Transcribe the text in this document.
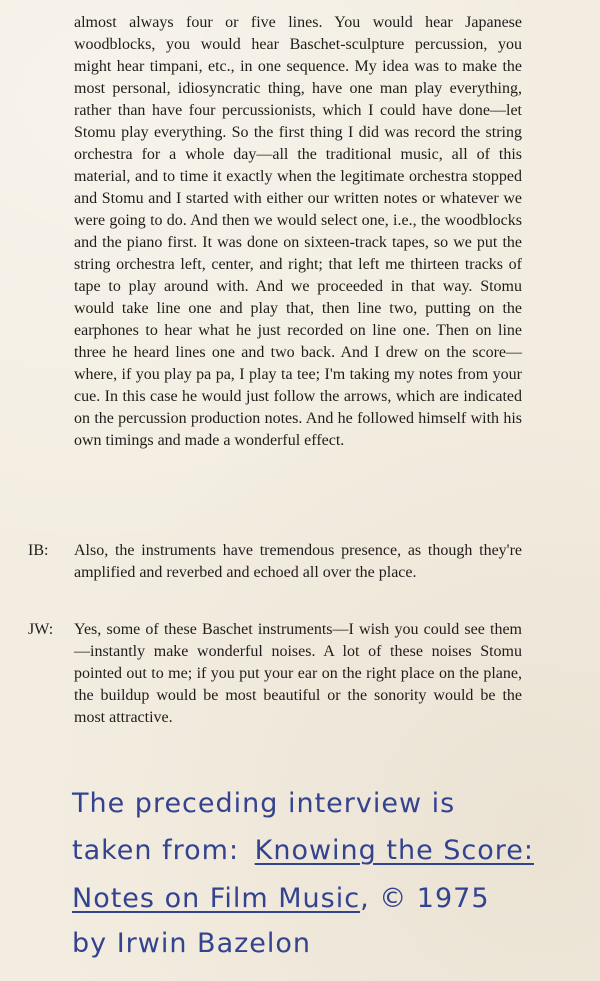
almost always four or five lines. You would hear Japanese woodblocks, you would hear Baschet-sculpture percussion, you might hear timpani, etc., in one sequence. My idea was to make the most personal, idiosyncratic thing, have one man play everything, rather than have four percussionists, which I could have done—let Stomu play everything. So the first thing I did was record the string orchestra for a whole day—all the traditional music, all of this material, and to time it exactly when the legitimate orchestra stopped and Stomu and I started with either our written notes or whatever we were going to do. And then we would select one, i.e., the woodblocks and the piano first. It was done on sixteen-track tapes, so we put the string orchestra left, center, and right; that left me thirteen tracks of tape to play around with. And we proceeded in that way. Stomu would take line one and play that, then line two, putting on the earphones to hear what he just recorded on line one. Then on line three he heard lines one and two back. And I drew on the score—where, if you play pa pa, I play ta tee; I'm taking my notes from your cue. In this case he would just follow the arrows, which are indicated on the percussion production notes. And he followed himself with his own timings and made a wonderful effect.

IB: Also, the instruments have tremendous presence, as though they're amplified and reverbed and echoed all over the place.

JW: Yes, some of these Baschet instruments—I wish you could see them—instantly make wonderful noises. A lot of these noises Stomu pointed out to me; if you put your ear on the right place on the plane, the buildup would be most beautiful or the sonority would be the most attractive.

The preceding interview is
taken from: Knowing the Score:
Notes on Film Music, © 1975
by Irwin Bazelon
